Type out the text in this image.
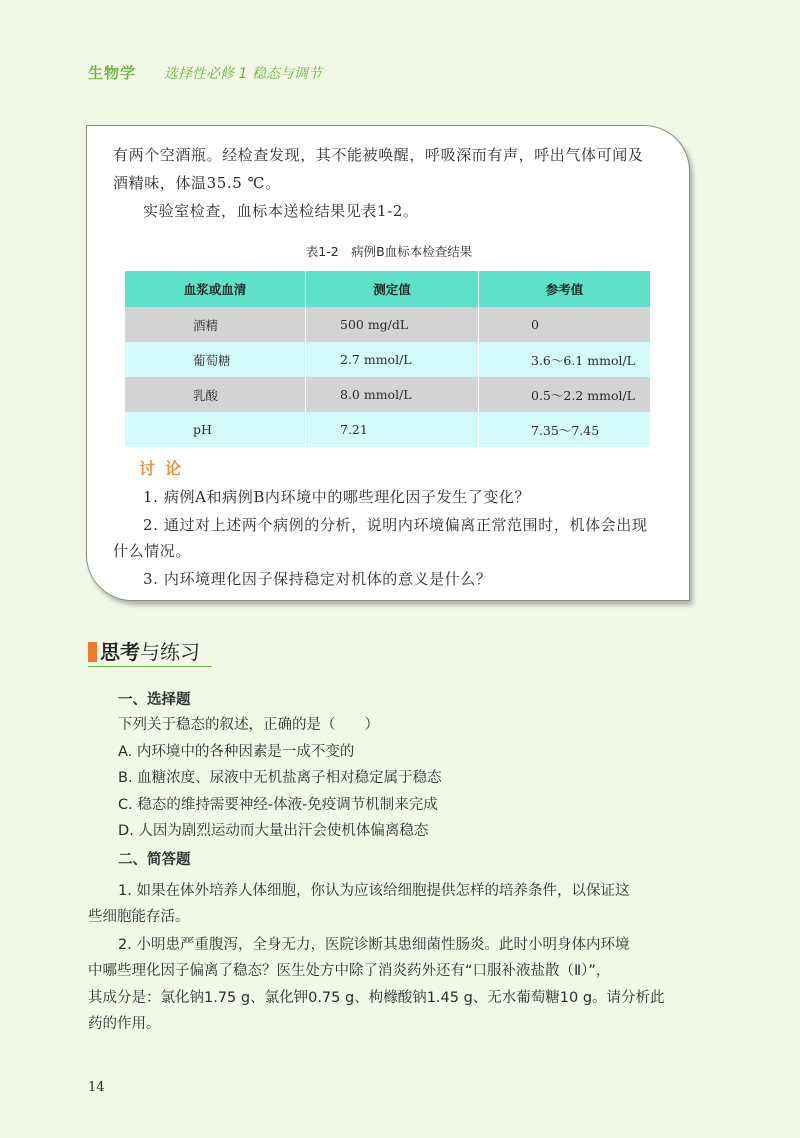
生物学 选择性必修 1 稳态与调节

有两个空酒瓶。经检查发现，其不能被唤醒，呼吸深而有声，呼出气体可闻及

酒精味，体温35.5 ℃。

实验室检查，血标本送检结果见表1-2。

表1-2　病例B血标本检查结果
血浆或血清	测定值	参考值
酒精	500 mg/dL	0
葡萄糖	2.7 mmol/L	3.6～6.1 mmol/L
乳酸	8.0 mmol/L	0.5～2.2 mmol/L
pH	7.21	7.35～7.45
讨论

1. 病例A和病例B内环境中的哪些理化因子发生了变化？

2. 通过对上述两个病例的分析，说明内环境偏离正常范围时，机体会出现

什么情况。

3. 内环境理化因子保持稳定对机体的意义是什么？

思考与练习
一、选择题

下列关于稳态的叙述，正确的是（　　）

A. 内环境中的各种因素是一成不变的

B. 血糖浓度、尿液中无机盐离子相对稳定属于稳态

C. 稳态的维持需要神经-体液-免疫调节机制来完成

D. 人因为剧烈运动而大量出汗会使机体偏离稳态

二、简答题

1. 如果在体外培养人体细胞，你认为应该给细胞提供怎样的培养条件，以保证这

些细胞能存活。

2. 小明患严重腹泻，全身无力，医院诊断其患细菌性肠炎。此时小明身体内环境

中哪些理化因子偏离了稳态？医生处方中除了消炎药外还有“口服补液盐散（Ⅱ）”，

其成分是：氯化钠1.75 g、氯化钾0.75 g、枸橼酸钠1.45 g、无水葡萄糖10 g。请分析此

药的作用。

14
